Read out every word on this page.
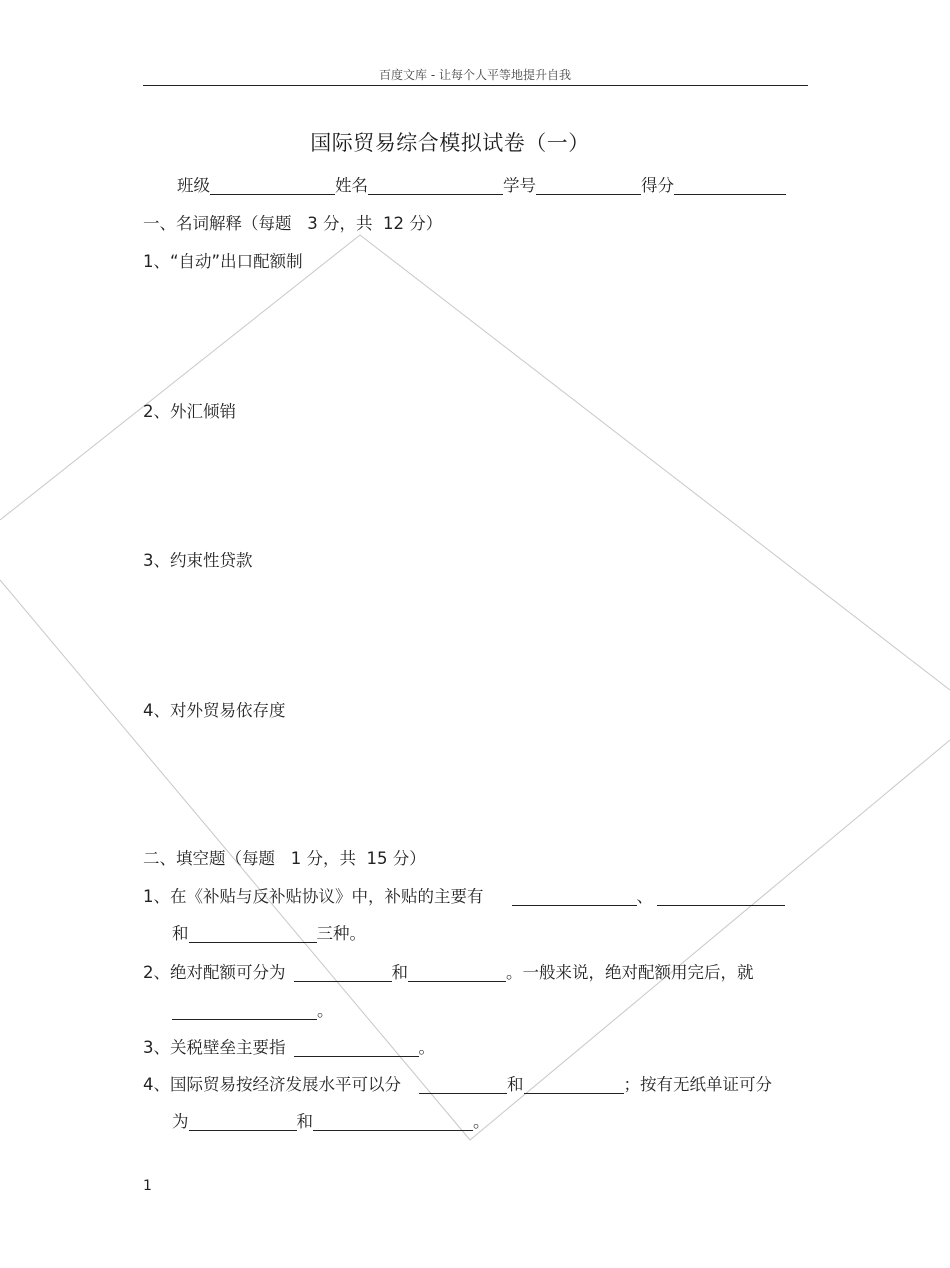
百度文库 - 让每个人平等地提升自我
国际贸易综合模拟试卷（一）
班级	姓名	学号	得分
一、名词解释（每题   3 分，共  12 分）
1、“自动”出口配额制
2、外汇倾销
3、约束性贷款
4、对外贸易依存度
二、填空题（每题   1 分，共  15 分）
1、在《补贴与反补贴协议》中，补贴的主要有	、
和	三种。
2、绝对配额可分为	和	。一般来说，绝对配额用完后，就
。
3、关税壁垒主要指	。
4、国际贸易按经济发展水平可以分	和	；按有无纸单证可分
为	和	。
1
